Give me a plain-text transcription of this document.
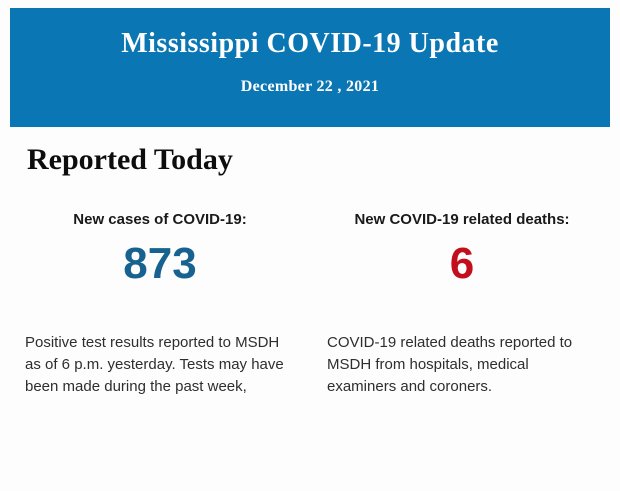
Mississippi COVID-19 Update
December 22 , 2021
Reported Today
New cases of COVID-19:
873
Positive test results reported to MSDH as of 6 p.m. yesterday. Tests may have been made during the past week,
New COVID-19 related deaths:
6
COVID-19 related deaths reported to MSDH from hospitals, medical examiners and coroners.
